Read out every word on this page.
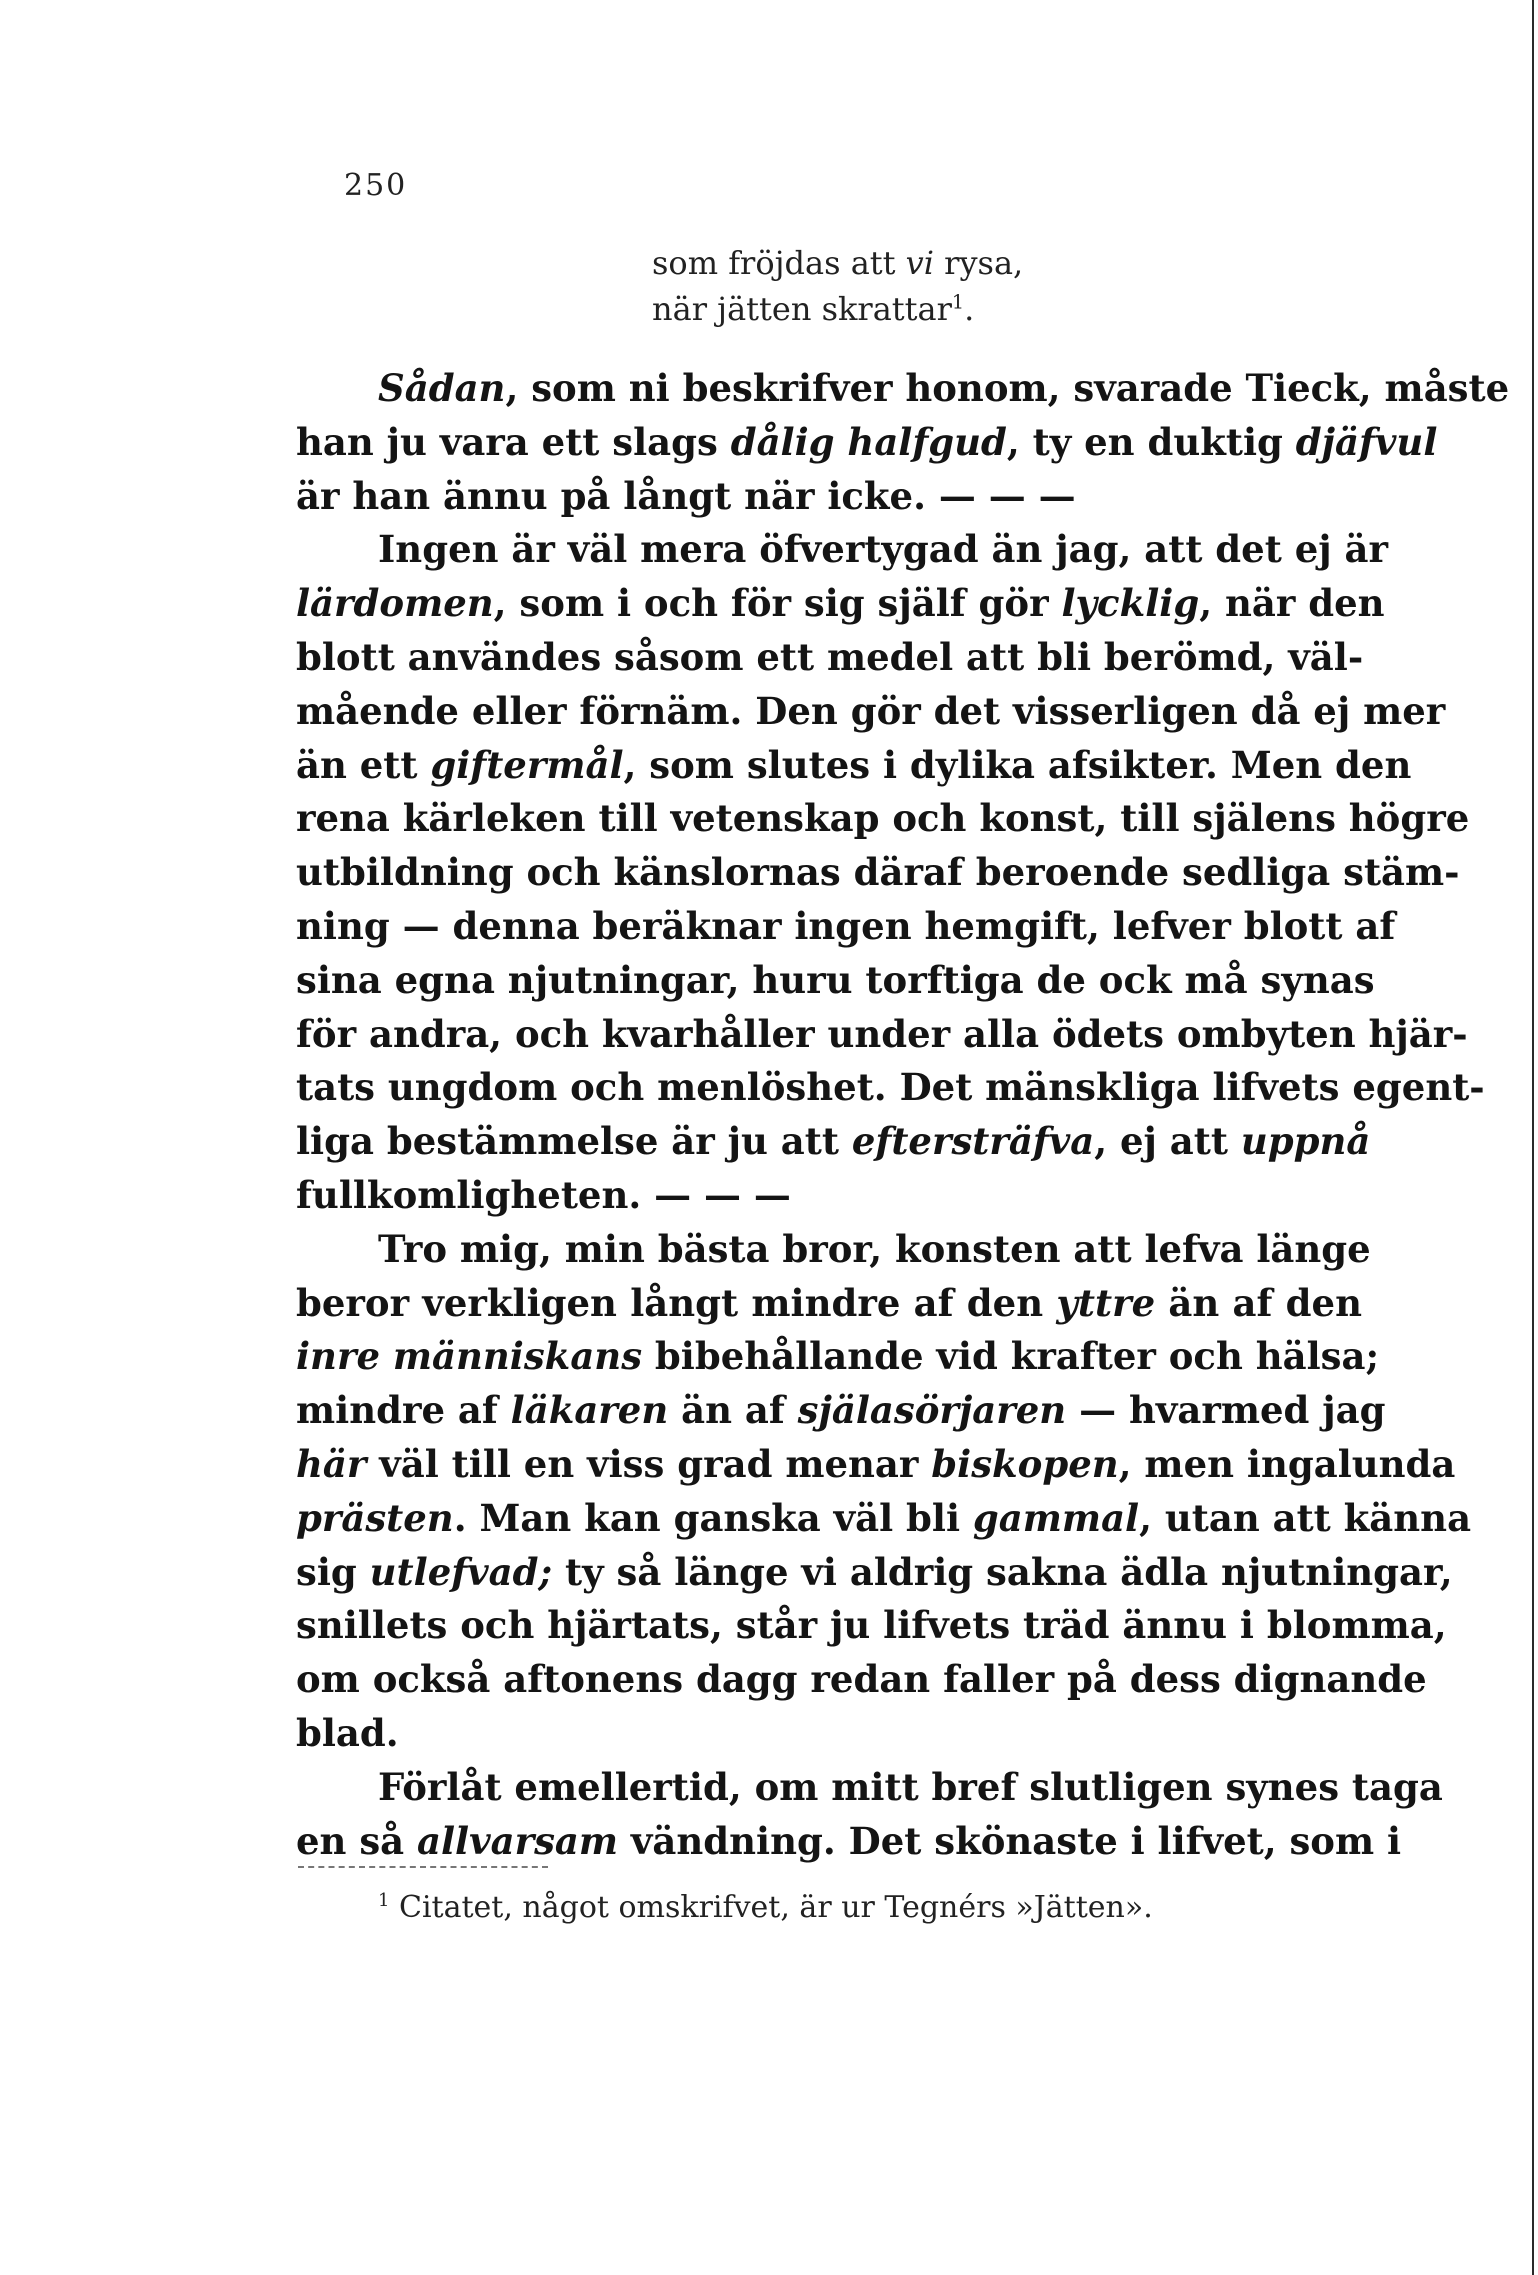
250
som fröjdas att vi rysa,
när jätten skrattar$^1$.
Sådan, som ni beskrifver honom, svarade Tieck, måste
han ju vara ett slags dålig halfgud, ty en duktig djäfvul
är han ännu på långt när icke. — — —
Ingen är väl mera öfvertygad än jag, att det ej är
lärdomen, som i och för sig själf gör lycklig, när den
blott användes såsom ett medel att bli berömd, väl-
mående eller förnäm. Den gör det visserligen då ej mer
än ett giftermål, som slutes i dylika afsikter. Men den
rena kärleken till vetenskap och konst, till själens högre
utbildning och känslornas däraf beroende sedliga stäm-
ning — denna beräknar ingen hemgift, lefver blott af
sina egna njutningar, huru torftiga de ock må synas
för andra, och kvarhåller under alla ödets ombyten hjär-
tats ungdom och menlöshet. Det mänskliga lifvets egent-
liga bestämmelse är ju att eftersträfva, ej att uppnå
fullkomligheten. — — —
Tro mig, min bästa bror, konsten att lefva länge
beror verkligen långt mindre af den yttre än af den
inre människans bibehållande vid krafter och hälsa;
mindre af läkaren än af själasörjaren — hvarmed jag
här väl till en viss grad menar biskopen, men ingalunda
prästen. Man kan ganska väl bli gammal, utan att känna
sig utlefvad; ty så länge vi aldrig sakna ädla njutningar,
snillets och hjärtats, står ju lifvets träd ännu i blomma,
om också aftonens dagg redan faller på dess dignande
blad.
Förlåt emellertid, om mitt bref slutligen synes taga
en så allvarsam vändning. Det skönaste i lifvet, som i
$^1$ Citatet, något omskrifvet, är ur Tegnérs »Jätten».
